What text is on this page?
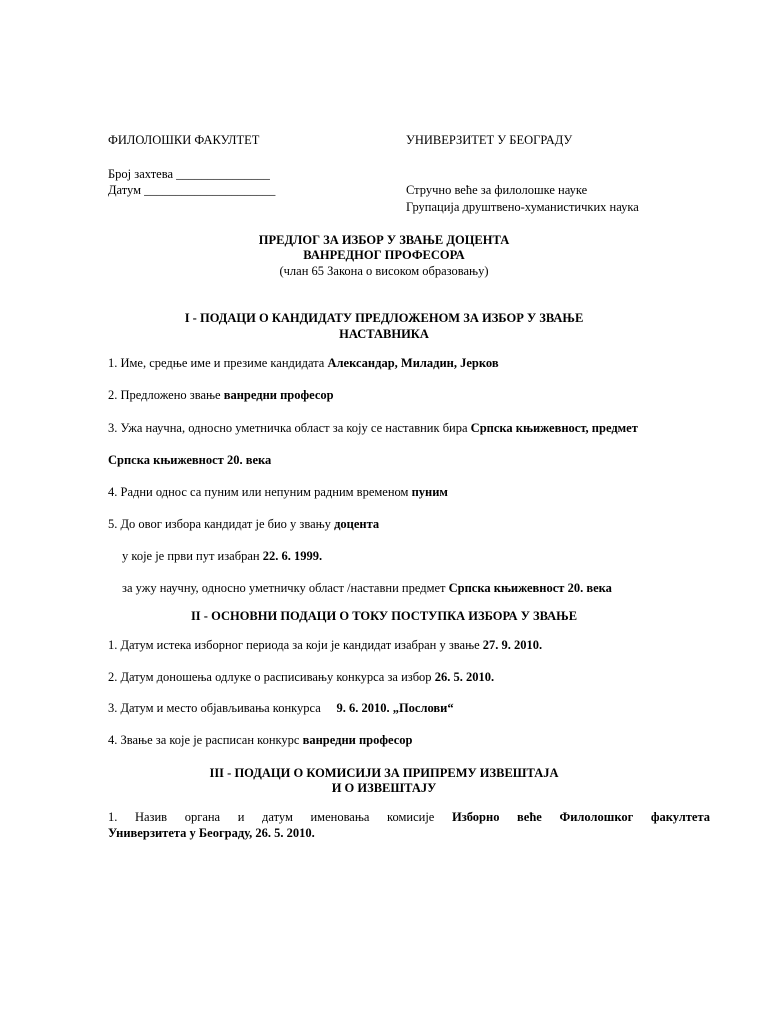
ФИЛОЛОШКИ ФАКУЛТЕТ	УНИВЕРЗИТЕТ У БЕОГРАДУ
Број захтева _______________
Датум _____________________	Стручно веће за филолошке науке
Групација друштвено-хуманистичких наука
ПРЕДЛОГ ЗА ИЗБОР У ЗВАЊЕ ДОЦЕНТА
ВАНРЕДНОГ ПРОФЕСОРА
(члан 65 Закона о високом образовању)
I - ПОДАЦИ О КАНДИДАТУ ПРЕДЛОЖЕНОМ ЗА ИЗБОР У ЗВАЊЕ
НАСТАВНИКА
1. Име, средње име и презиме кандидата Александар, Миладин, Јерков
2. Предложено звање ванредни професор
3. Ужа научна, односно уметничка област за коју се наставник бира Српска књижевност, предмет
Српска књижевност 20. века
4. Радни однос са пуним или непуним радним временом пуним
5. До овог избора кандидат је био у звању доцента
у које је први пут изабран 22. 6. 1999.
за ужу научну, односно уметничку област /наставни предмет Српска књижевност 20. века
II - ОСНОВНИ ПОДАЦИ О ТОКУ ПОСТУПКА ИЗБОРА У ЗВАЊЕ
1. Датум истека изборног периода за који је кандидат изабран у звање 27. 9. 2010.
2. Датум доношења одлуке о расписивању конкурса за избор 26. 5. 2010.
3. Датум и место објављивања конкурса     9. 6. 2010. „Послови“
4. Звање за које је расписан конкурс ванредни професор
III - ПОДАЦИ О КОМИСИЈИ ЗА ПРИПРЕМУ ИЗВЕШТАЈА
И О ИЗВЕШТАЈУ
1. Назив органа и датум именовања комисије Изборно веће Филолошког факултета
Универзитета у Београду, 26. 5. 2010.
